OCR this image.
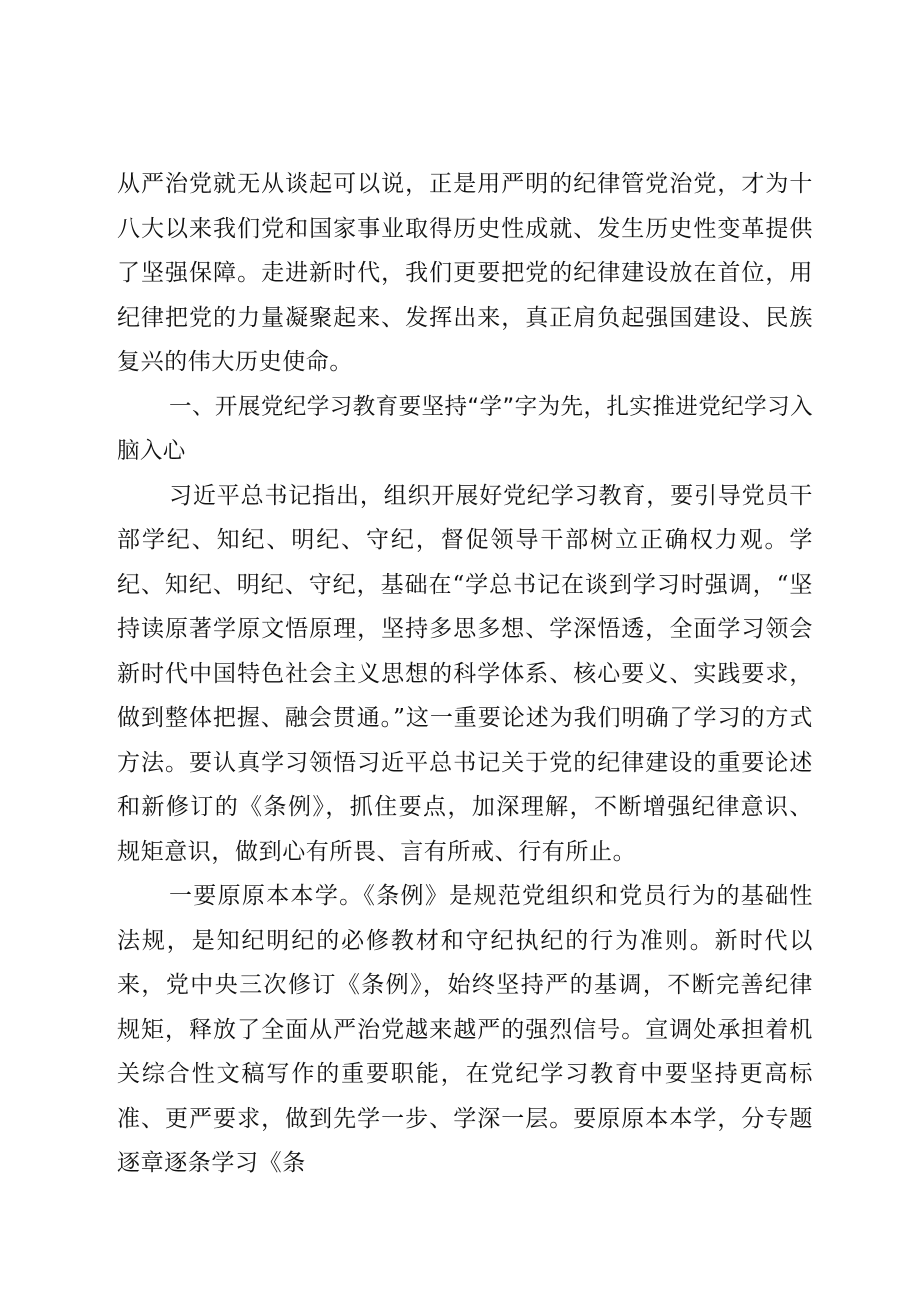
从严治党就无从谈起可以说，正是用严明的纪律管党治党，才为十八大以来我们党和国家事业取得历史性成就、发生历史性变革提供了坚强保障。走进新时代，我们更要把党的纪律建设放在首位，用纪律把党的力量凝聚起来、发挥出来，真正肩负起强国建设、民族复兴的伟大历史使命。

一、开展党纪学习教育要坚持“学”字为先，扎实推进党纪学习入脑入心

习近平总书记指出，组织开展好党纪学习教育，要引导党员干部学纪、知纪、明纪、守纪，督促领导干部树立正确权力观。学纪、知纪、明纪、守纪，基础在“学总书记在谈到学习时强调，“坚持读原著学原文悟原理，坚持多思多想、学深悟透，全面学习领会新时代中国特色社会主义思想的科学体系、核心要义、实践要求，做到整体把握、融会贯通。”这一重要论述为我们明确了学习的方式方法。要认真学习领悟习近平总书记关于党的纪律建设的重要论述和新修订的《条例》，抓住要点，加深理解，不断增强纪律意识、规矩意识，做到心有所畏、言有所戒、行有所止。

一要原原本本学。《条例》是规范党组织和党员行为的基础性法规，是知纪明纪的必修教材和守纪执纪的行为准则。新时代以来，党中央三次修订《条例》，始终坚持严的基调，不断完善纪律规矩，释放了全面从严治党越来越严的强烈信号。宣调处承担着机关综合性文稿写作的重要职能，在党纪学习教育中要坚持更高标准、更严要求，做到先学一步、学深一层。要原原本本学，分专题逐章逐条学习《条
